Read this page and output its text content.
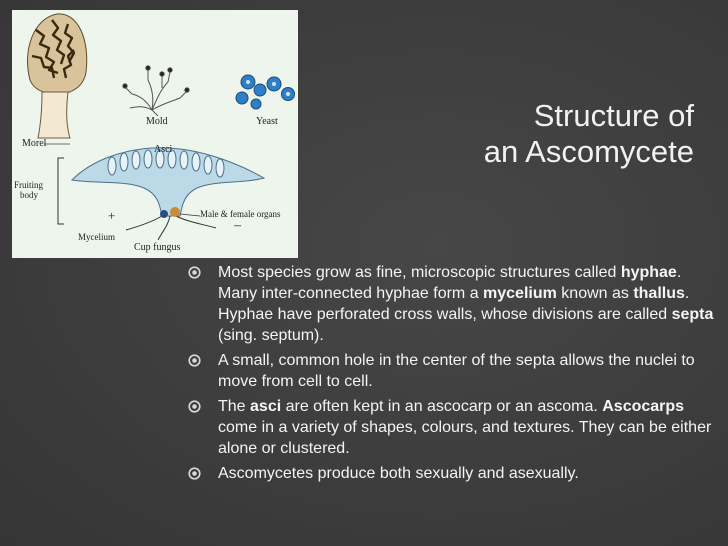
Mold	Yeast
Morel
Asci
Fruiting
body
Male & female organs
+
–
Mycelium
Cup fungus
Structure of
an Ascomycete
Most species grow as fine, microscopic structures called hyphae. Many inter-connected hyphae form a mycelium known as thallus. Hyphae have perforated cross walls, whose divisions are called septa (sing. septum).
A small, common hole in the center of the septa allows the nuclei to move from cell to cell.
The asci are often kept in an ascocarp or an ascoma. Ascocarps come in a variety of shapes, colours, and textures. They can be either alone or clustered.
Ascomycetes produce both sexually and asexually.
